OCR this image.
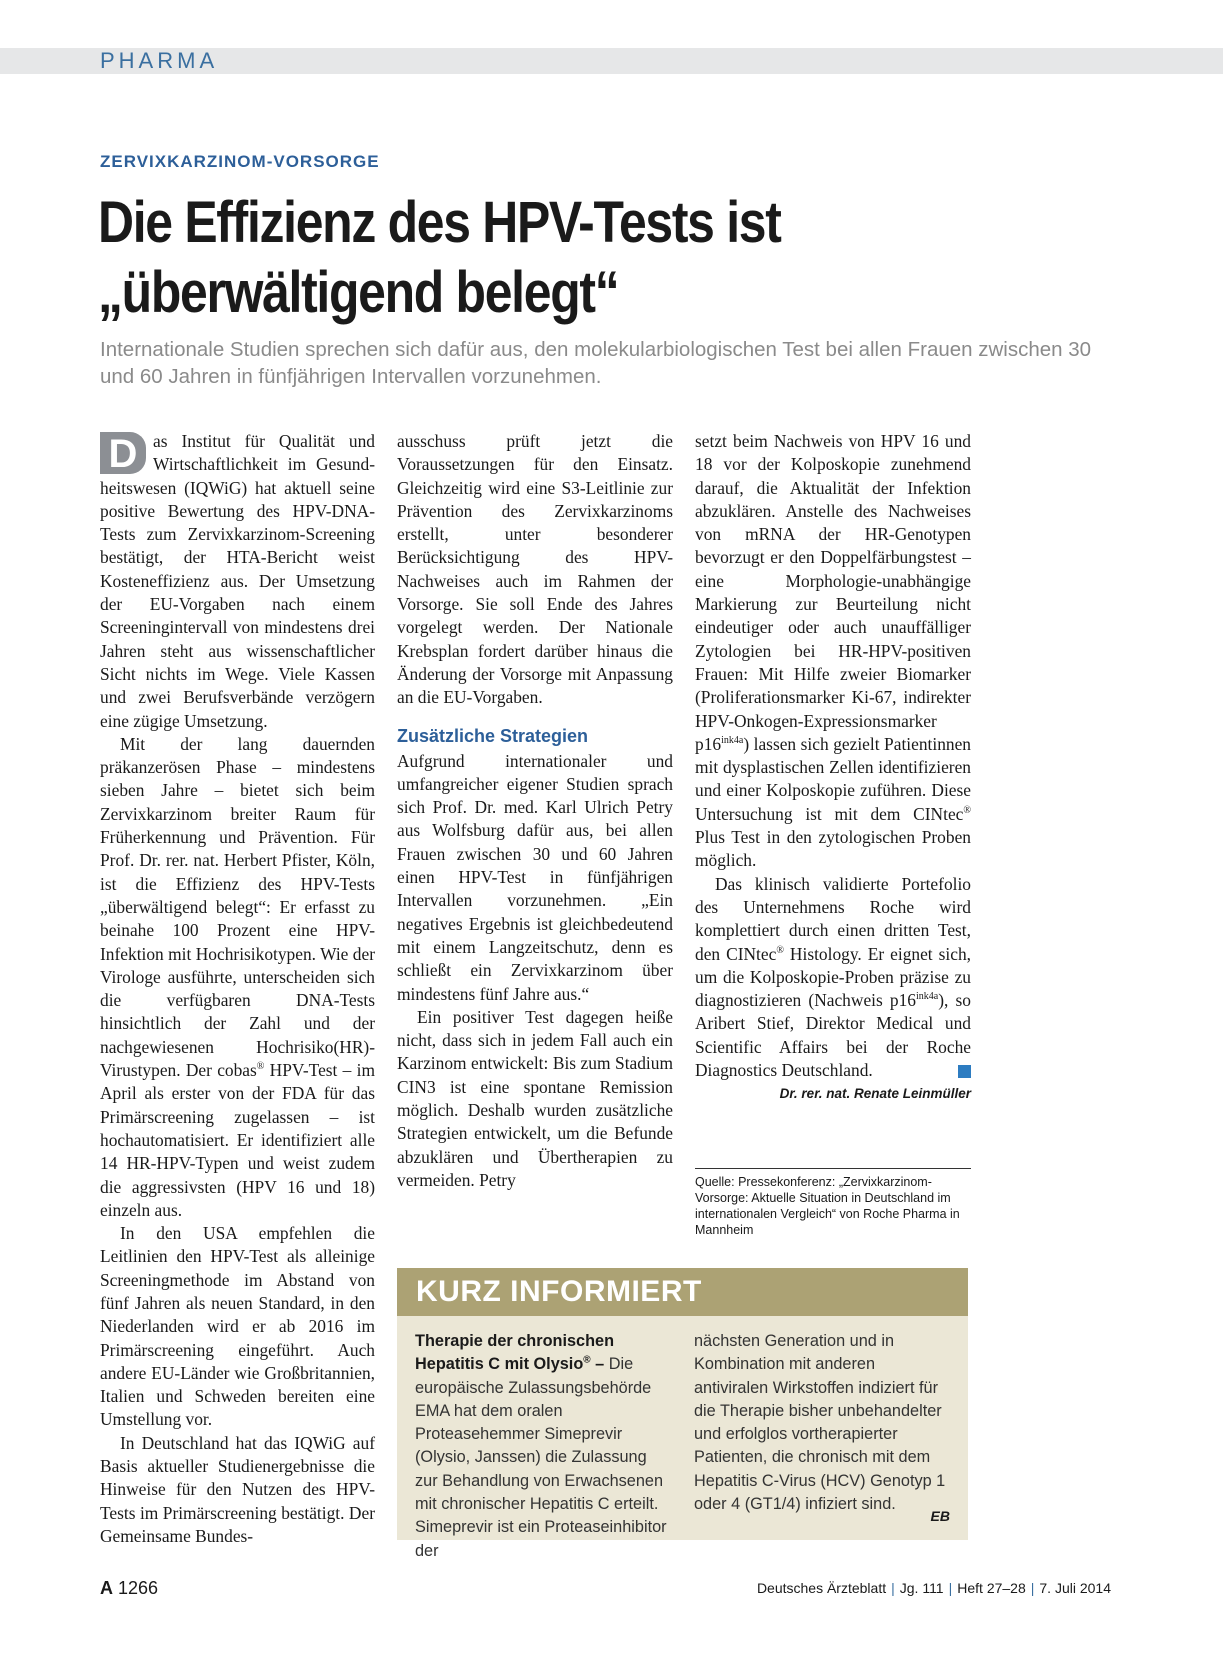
PHARMA
ZERVIXKARZINOM-VORSORGE
Die Effizienz des HPV-Tests ist
„überwältigend belegt“
Internationale Studien sprechen sich dafür aus, den molekularbiologischen Test bei allen Frauen zwischen 30 und 60 Jahren in fünfjährigen Intervallen vorzunehmen.

D as Institut für Qualität und Wirtschaftlichkeit im Gesundheitswesen (IQWiG) hat aktuell seine positive Bewertung des HPV-DNA-Tests zum Zervixkarzinom-Screening bestätigt, der HTA-Bericht weist Kosteneffizienz aus. Der Umsetzung der EU-Vorgaben nach einem Screeningintervall von mindestens drei Jahren steht aus wissenschaftlicher Sicht nichts im Wege. Viele Kassen und zwei Berufsverbände verzögern eine zügige Umsetzung.

Mit der lang dauernden präkanzerösen Phase – mindestens sieben Jahre – bietet sich beim Zervixkarzinom breiter Raum für Früherkennung und Prävention. Für Prof. Dr. rer. nat. Herbert Pfister, Köln, ist die Effizienz des HPV-Tests „überwältigend belegt“: Er erfasst zu beinahe 100 Prozent eine HPV-Infektion mit Hochrisikotypen. Wie der Virologe ausführte, unterscheiden sich die verfügbaren DNA-Tests hinsichtlich der Zahl und der nachgewiesenen Hochrisiko(HR)-Virustypen. Der cobas® HPV-Test – im April als erster von der FDA für das Primärscreening zugelassen – ist hochautomatisiert. Er identifiziert alle 14 HR-HPV-Typen und weist zudem die aggressivsten (HPV 16 und 18) einzeln aus.

In den USA empfehlen die Leitlinien den HPV-Test als alleinige Screeningmethode im Abstand von fünf Jahren als neuen Standard, in den Niederlanden wird er ab 2016 im Primärscreening eingeführt. Auch andere EU-Länder wie Großbritannien, Italien und Schweden bereiten eine Umstellung vor.

In Deutschland hat das IQWiG auf Basis aktueller Studienergebnisse die Hinweise für den Nutzen des HPV-Tests im Primärscreening bestätigt. Der Gemeinsame Bundes-

ausschuss prüft jetzt die Voraussetzungen für den Einsatz. Gleichzeitig wird eine S3-Leitlinie zur Prävention des Zervixkarzinoms erstellt, unter besonderer Berücksichtigung des HPV-Nachweises auch im Rahmen der Vorsorge. Sie soll Ende des Jahres vorgelegt werden. Der Nationale Krebsplan fordert darüber hinaus die Änderung der Vorsorge mit Anpassung an die EU-Vorgaben.

Zusätzliche Strategien

Aufgrund internationaler und umfangreicher eigener Studien sprach sich Prof. Dr. med. Karl Ulrich Petry aus Wolfsburg dafür aus, bei allen Frauen zwischen 30 und 60 Jahren einen HPV-Test in fünfjährigen Intervallen vorzunehmen. „Ein negatives Ergebnis ist gleichbedeutend mit einem Langzeitschutz, denn es schließt ein Zervixkarzinom über mindestens fünf Jahre aus.“

Ein positiver Test dagegen heiße nicht, dass sich in jedem Fall auch ein Karzinom entwickelt: Bis zum Stadium CIN3 ist eine spontane Remission möglich. Deshalb wurden zusätzliche Strategien entwickelt, um die Befunde abzuklären und Übertherapien zu vermeiden. Petry

setzt beim Nachweis von HPV 16 und 18 vor der Kolposkopie zunehmend darauf, die Aktualität der Infektion abzuklären. Anstelle des Nachweises von mRNA der HR-Genotypen bevorzugt er den Doppelfärbungstest – eine Morphologie-unabhängige Markierung zur Beurteilung nicht eindeutiger oder auch unauffälliger Zytologien bei HR-HPV-positiven Frauen: Mit Hilfe zweier Biomarker (Proliferationsmarker Ki-67, indirekter HPV-Onkogen-Expressionsmarker $p16^{ink4a}$) lassen sich gezielt Patientinnen mit dysplastischen Zellen identifizieren und einer Kolposkopie zuführen. Diese Untersuchung ist mit dem CINtec® Plus Test in den zytologischen Proben möglich.

Das klinisch validierte Portefolio des Unternehmens Roche wird komplettiert durch einen dritten Test, den CINtec® Histology. Er eignet sich, um die Kolposkopie-Proben präzise zu diagnostizieren (Nachweis $p16^{ink4a}$), so Aribert Stief, Direktor Medical und Scientific Affairs bei der Roche Diagnostics Deutschland.

Dr. rer. nat. Renate Leinmüller
Quelle: Pressekonferenz: „Zervixkarzinom-Vorsorge: Aktuelle Situation in Deutschland im internationalen Vergleich“ von Roche Pharma in Mannheim
KURZ INFORMIERT
Therapie der chronischen Hepatitis C mit Olysio® – Die europäische Zulassungsbehörde EMA hat dem oralen Proteasehemmer Simeprevir (Olysio, Janssen) die Zulassung zur Behandlung von Erwachsenen mit chronischer Hepatitis C erteilt. Simeprevir ist ein Proteaseinhibitor der
nächsten Generation und in Kombination mit anderen antiviralen Wirkstoffen indiziert für die Therapie bisher unbehandelter und erfolglos vortherapierter Patienten, die chronisch mit dem Hepatitis C-Virus (HCV) Genotyp 1 oder 4 (GT1/4) infiziert sind.
EB
A 1266	Deutsches Ärzteblatt | Jg. 111 | Heft 27–28 | 7. Juli 2014
